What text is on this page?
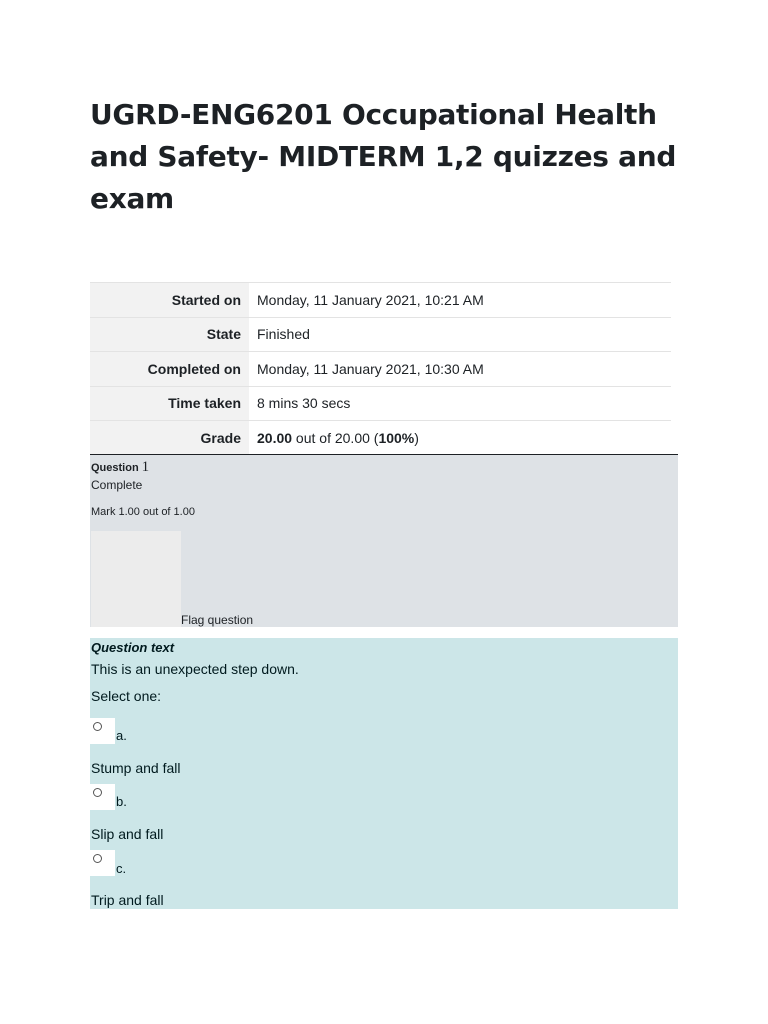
UGRD-ENG6201 Occupational Health and Safety- MIDTERM 1,2 quizzes and exam
Started on	Monday, 11 January 2021, 10:21 AM
State	Finished
Completed on	Monday, 11 January 2021, 10:30 AM
Time taken	8 mins 30 secs
Grade	20.00 out of 20.00 (100%)
Question 1
Complete
Mark 1.00 out of 1.00
Flag question
Question text
This is an unexpected step down.
Select one:
a.
Stump and fall
b.
Slip and fall
c.
Trip and fall
